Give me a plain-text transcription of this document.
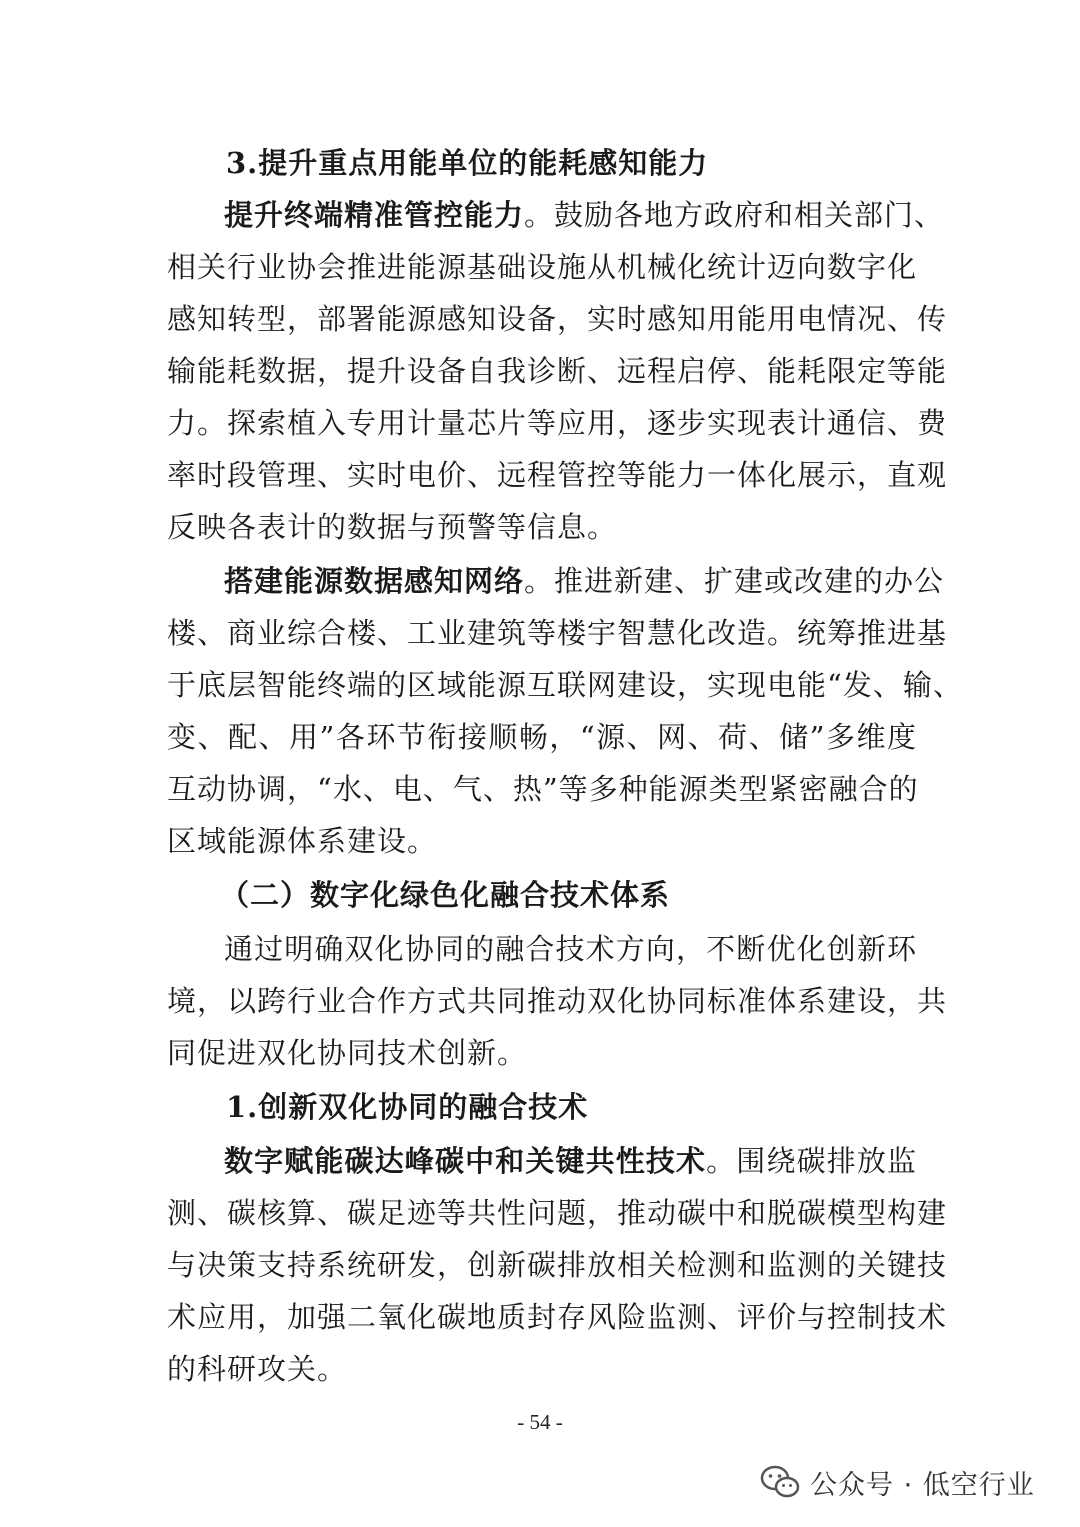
3.提升重点用能单位的能耗感知能力
提升终端精准管控能力。鼓励各地方政府和相关部门、
相关行业协会推进能源基础设施从机械化统计迈向数字化
感知转型，部署能源感知设备，实时感知用能用电情况、传
输能耗数据，提升设备自我诊断、远程启停、能耗限定等能
力。探索植入专用计量芯片等应用，逐步实现表计通信、费
率时段管理、实时电价、远程管控等能力一体化展示，直观
反映各表计的数据与预警等信息。
搭建能源数据感知网络。推进新建、扩建或改建的办公
楼、商业综合楼、工业建筑等楼宇智慧化改造。统筹推进基
于底层智能终端的区域能源互联网建设，实现电能“发、输、
变、配、用”各环节衔接顺畅，“源、网、荷、储”多维度
互动协调，“水、电、气、热”等多种能源类型紧密融合的
区域能源体系建设。
（二）数字化绿色化融合技术体系
通过明确双化协同的融合技术方向，不断优化创新环
境，以跨行业合作方式共同推动双化协同标准体系建设，共
同促进双化协同技术创新。
1.创新双化协同的融合技术
数字赋能碳达峰碳中和关键共性技术。围绕碳排放监
测、碳核算、碳足迹等共性问题，推动碳中和脱碳模型构建
与决策支持系统研发，创新碳排放相关检测和监测的关键技
术应用，加强二氧化碳地质封存风险监测、评价与控制技术
的科研攻关。
- 54 -
公众号 · 低空行业
